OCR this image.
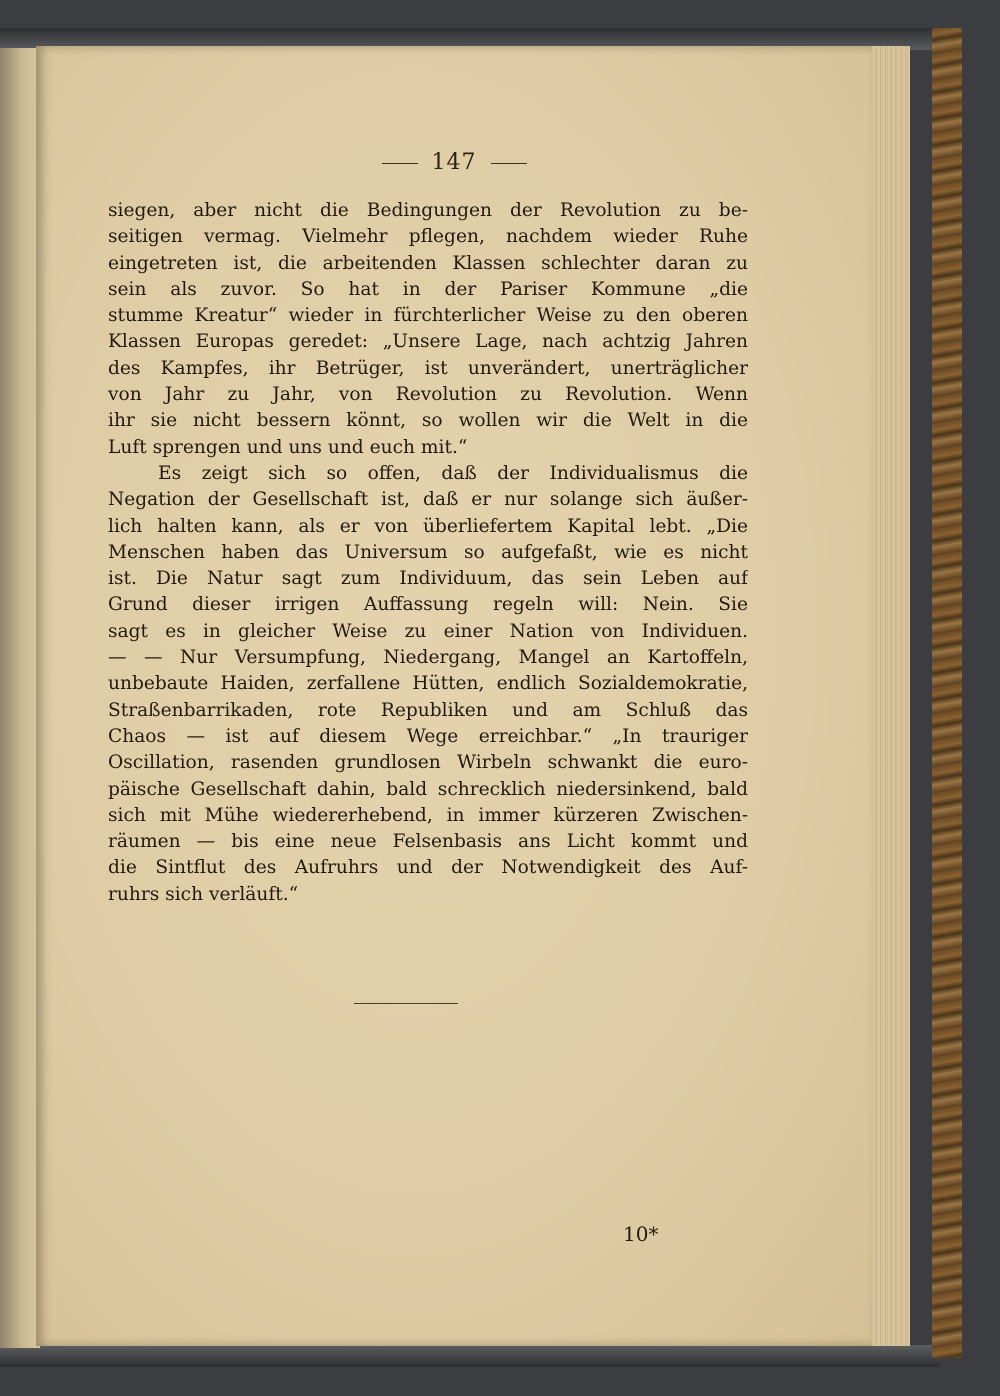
147
siegen, aber nicht die Bedingungen der Revolution zu be-
seitigen vermag. Vielmehr pflegen, nachdem wieder Ruhe
eingetreten ist, die arbeitenden Klassen schlechter daran zu
sein als zuvor. So hat in der Pariser Kommune „die
stumme Kreatur“ wieder in fürchterlicher Weise zu den oberen
Klassen Europas geredet: „Unsere Lage, nach achtzig Jahren
des Kampfes, ihr Betrüger, ist unverändert, unerträglicher
von Jahr zu Jahr, von Revolution zu Revolution. Wenn
ihr sie nicht bessern könnt, so wollen wir die Welt in die
Luft sprengen und uns und euch mit.“
Es zeigt sich so offen, daß der Individualismus die
Negation der Gesellschaft ist, daß er nur solange sich äußer-
lich halten kann, als er von überliefertem Kapital lebt. „Die
Menschen haben das Universum so aufgefaßt, wie es nicht
ist. Die Natur sagt zum Individuum, das sein Leben auf
Grund dieser irrigen Auffassung regeln will: Nein. Sie
sagt es in gleicher Weise zu einer Nation von Individuen.
— — Nur Versumpfung, Niedergang, Mangel an Kartoffeln,
unbebaute Haiden, zerfallene Hütten, endlich Sozialdemokratie,
Straßenbarrikaden, rote Republiken und am Schluß das
Chaos — ist auf diesem Wege erreichbar.“ „In trauriger
Oscillation, rasenden grundlosen Wirbeln schwankt die euro-
päische Gesellschaft dahin, bald schrecklich niedersinkend, bald
sich mit Mühe wiedererhebend, in immer kürzeren Zwischen-
räumen — bis eine neue Felsenbasis ans Licht kommt und
die Sintflut des Aufruhrs und der Notwendigkeit des Auf-
ruhrs sich verläuft.“
10*
